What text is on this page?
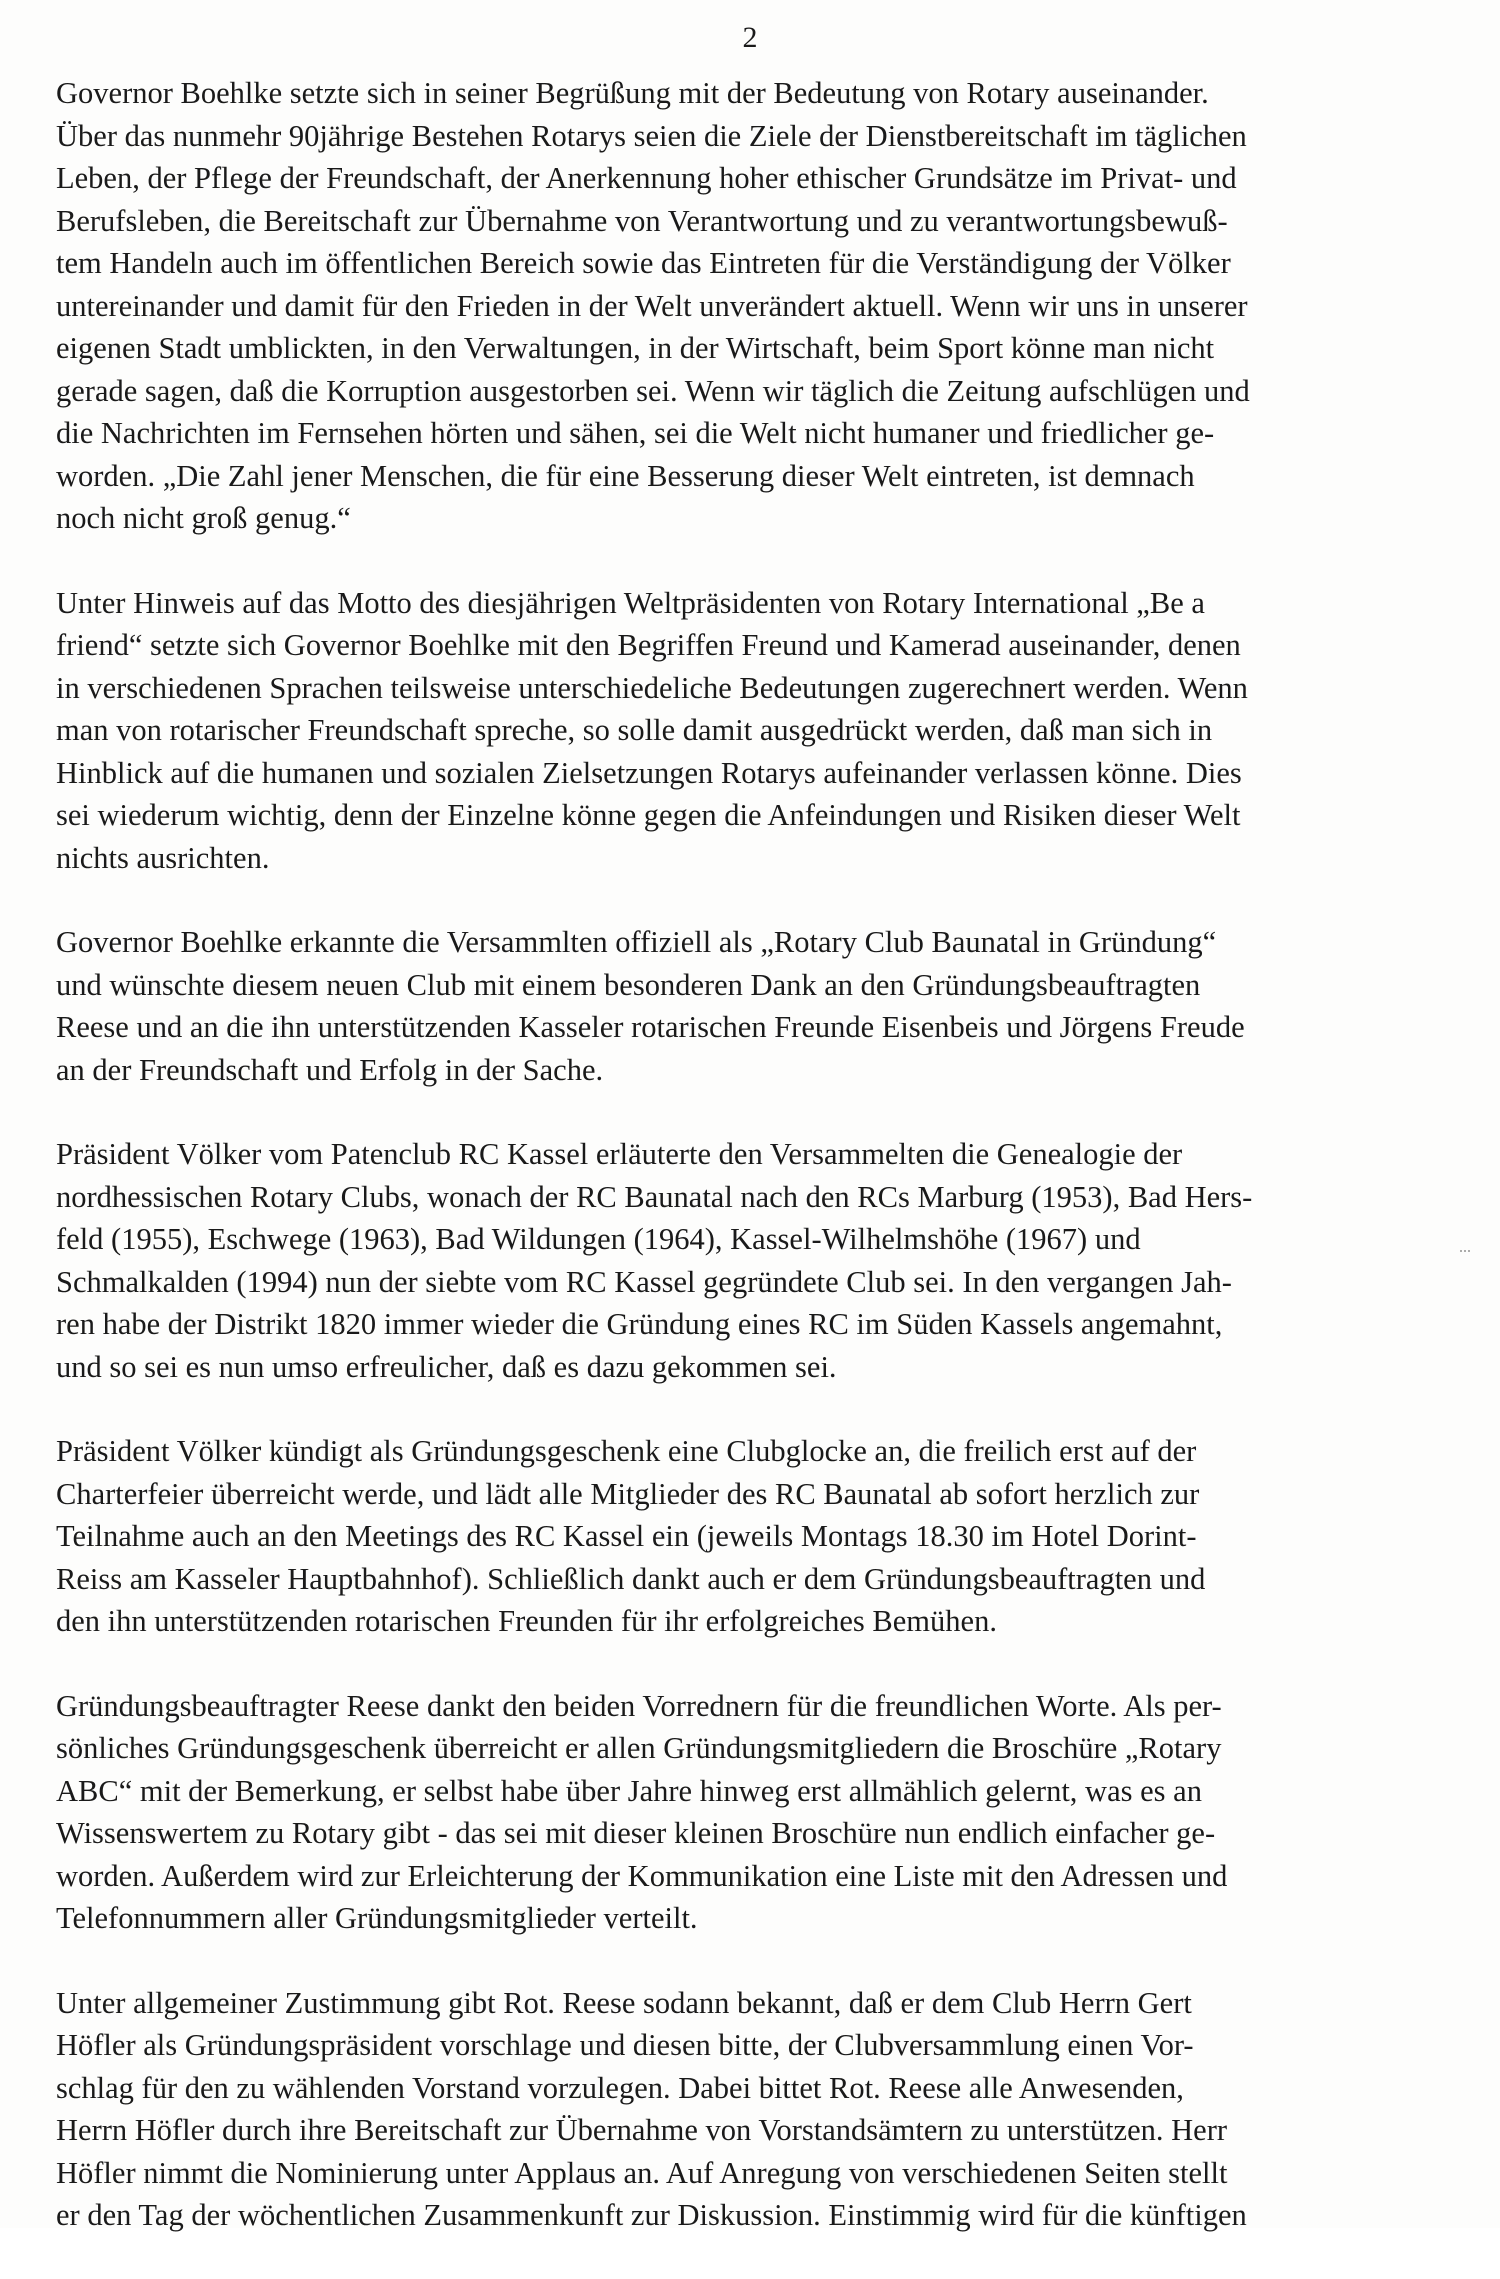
2

Governor Boehlke setzte sich in seiner Begrüßung mit der Bedeutung von Rotary auseinander.
Über das nunmehr 90jährige Bestehen Rotarys seien die Ziele der Dienstbereitschaft im täglichen
Leben, der Pflege der Freundschaft, der Anerkennung hoher ethischer Grundsätze im Privat- und
Berufsleben, die Bereitschaft zur Übernahme von Verantwortung und zu verantwortungsbewuß-
tem Handeln auch im öffentlichen Bereich sowie das Eintreten für die Verständigung der Völker
untereinander und damit für den Frieden in der Welt unverändert aktuell. Wenn wir uns in unserer
eigenen Stadt umblickten, in den Verwaltungen, in der Wirtschaft, beim Sport könne man nicht
gerade sagen, daß die Korruption ausgestorben sei. Wenn wir täglich die Zeitung aufschlügen und
die Nachrichten im Fernsehen hörten und sähen, sei die Welt nicht humaner und friedlicher ge-
worden. „Die Zahl jener Menschen, die für eine Besserung dieser Welt eintreten, ist demnach
noch nicht groß genug.“

Unter Hinweis auf das Motto des diesjährigen Weltpräsidenten von Rotary International „Be a
friend“ setzte sich Governor Boehlke mit den Begriffen Freund und Kamerad auseinander, denen
in verschiedenen Sprachen teilsweise unterschiedeliche Bedeutungen zugerechnert werden. Wenn
man von rotarischer Freundschaft spreche, so solle damit ausgedrückt werden, daß man sich in
Hinblick auf die humanen und sozialen Zielsetzungen Rotarys aufeinander verlassen könne. Dies
sei wiederum wichtig, denn der Einzelne könne gegen die Anfeindungen und Risiken dieser Welt
nichts ausrichten.

Governor Boehlke erkannte die Versammlten offiziell als „Rotary Club Baunatal in Gründung“
und wünschte diesem neuen Club mit einem besonderen Dank an den Gründungsbeauftragten
Reese und an die ihn unterstützenden Kasseler rotarischen Freunde Eisenbeis und Jörgens Freude
an der Freundschaft und Erfolg in der Sache.

Präsident Völker vom Patenclub RC Kassel erläuterte den Versammelten die Genealogie der
nordhessischen Rotary Clubs, wonach der RC Baunatal nach den RCs Marburg (1953), Bad Hers-
feld (1955), Eschwege (1963), Bad Wildungen (1964), Kassel-Wilhelmshöhe (1967) und
Schmalkalden (1994) nun der siebte vom RC Kassel gegründete Club sei. In den vergangen Jah-
ren habe der Distrikt 1820 immer wieder die Gründung eines RC im Süden Kassels angemahnt,
und so sei es nun umso erfreulicher, daß es dazu gekommen sei.

Präsident Völker kündigt als Gründungsgeschenk eine Clubglocke an, die freilich erst auf der
Charterfeier überreicht werde, und lädt alle Mitglieder des RC Baunatal ab sofort herzlich zur
Teilnahme auch an den Meetings des RC Kassel ein (jeweils Montags 18.30 im Hotel Dorint-
Reiss am Kasseler Hauptbahnhof). Schließlich dankt auch er dem Gründungsbeauftragten und
den ihn unterstützenden rotarischen Freunden für ihr erfolgreiches Bemühen.

Gründungsbeauftragter Reese dankt den beiden Vorrednern für die freundlichen Worte. Als per-
sönliches Gründungsgeschenk überreicht er allen Gründungsmitgliedern die Broschüre „Rotary
ABC“ mit der Bemerkung, er selbst habe über Jahre hinweg erst allmählich gelernt, was es an
Wissenswertem zu Rotary gibt - das sei mit dieser kleinen Broschüre nun endlich einfacher ge-
worden. Außerdem wird zur Erleichterung der Kommunikation eine Liste mit den Adressen und
Telefonnummern aller Gründungsmitglieder verteilt.

Unter allgemeiner Zustimmung gibt Rot. Reese sodann bekannt, daß er dem Club Herrn Gert
Höfler als Gründungspräsident vorschlage und diesen bitte, der Clubversammlung einen Vor-
schlag für den zu wählenden Vorstand vorzulegen. Dabei bittet Rot. Reese alle Anwesenden,
Herrn Höfler durch ihre Bereitschaft zur Übernahme von Vorstandsämtern zu unterstützen. Herr
Höfler nimmt die Nominierung unter Applaus an. Auf Anregung von verschiedenen Seiten stellt
er den Tag der wöchentlichen Zusammenkunft zur Diskussion. Einstimmig wird für die künftigen
